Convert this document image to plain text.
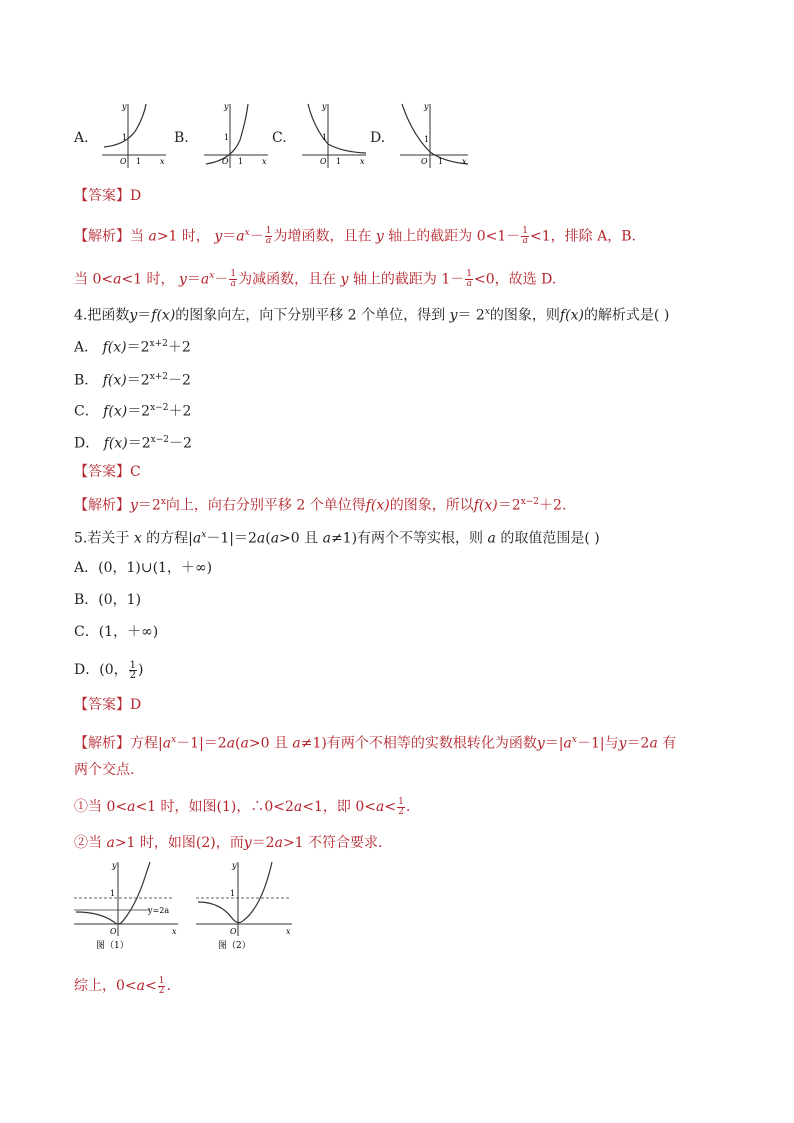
A.
y
x
O
1
1
B.
y
x
O
1
1
C.
y
x
O
1
1
D.
y
x
O
1
1
【答案】D
【解析】当 a>1 时， $y=a^x- \frac{1}{a}$ 为增函数，且在 y 轴上的截距为 $0<1- \frac{1}{a} <1$，排除 A，B.
当 0<a<1 时， $y=a^x- \frac{1}{a}$ 为减函数，且在 y 轴上的截距为 $1- \frac{1}{a} <0$，故选 D.
4.把函数y＝f(x)的图象向左，向下分别平移 2 个单位，得到 $y= 2^x$的图象，则f(x)的解析式是( )
A． $f(x)=2^{x+2}+2$
B． $f(x)=2^{x+2}-2$
C． $f(x)=2^{x-2}+2$
D． $f(x)=2^{x-2}-2$
【答案】C
【解析】$y=2^x$向上，向右分别平移 2 个单位得f(x)的图象，所以$f(x)=2^{x-2}+2$.
5.若关于 x 的方程$|a^x-1|=2a(a>0$ 且 a≠1)有两个不等实根，则 a 的取值范围是( )
A．(0，1)∪(1，＋∞)
B．(0，1)
C．(1，＋∞)
D．(0， $\frac{1}{2}$ )
【答案】D
【解析】方程$|a^x-1|=2a(a>0$ 且 a≠1)有两个不相等的实数根转化为函数$y=|a^x-1|$与y＝2a 有
两个交点.
①当 0<a<1 时，如图(1)，∴0<2a<1，即 $0<a< \frac{1}{2}$ .
②当 a>1 时，如图(2)，而y＝2a>1 不符合要求.
y
x
O
1
y=2a
图（1）
y
x
O
1
图（2）
综上，$0<a< \frac{1}{2}$ .
